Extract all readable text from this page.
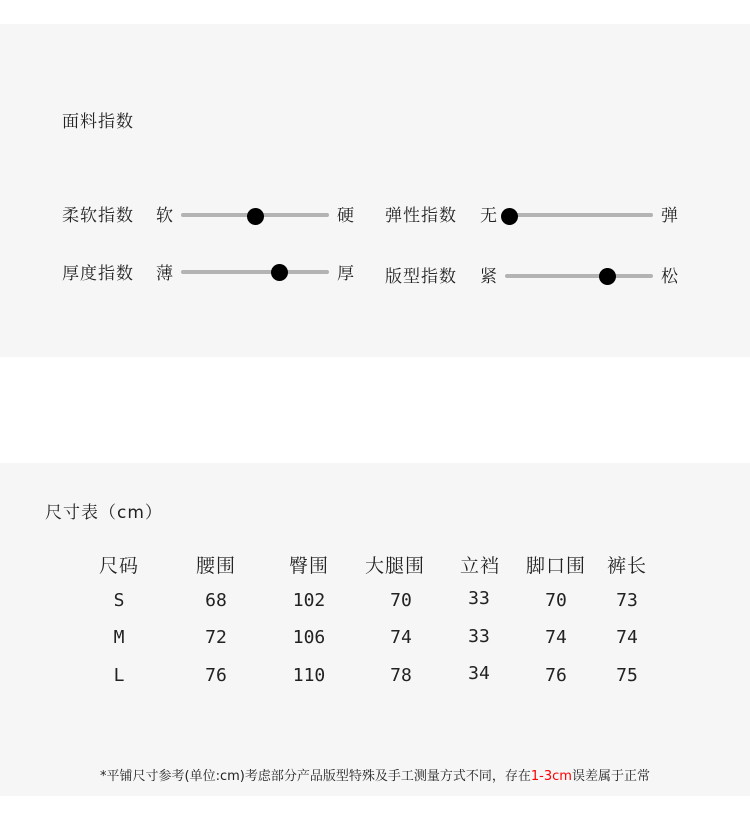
面料指数
柔软指数 软	硬 弹性指数 无	弹
厚度指数 薄	厚 版型指数 紧	松
尺寸表（cm）
尺码	腰围	臀围 大腿围 立裆 脚口围 裤长
S	68	102	70	33	70	73
M	72	106	74	33	74	74
L	76	110	78	34	76	75
*平铺尺寸参考(单位:cm)考虑部分产品版型特殊及手工测量方式不同，存在1-3cm误差属于正常
